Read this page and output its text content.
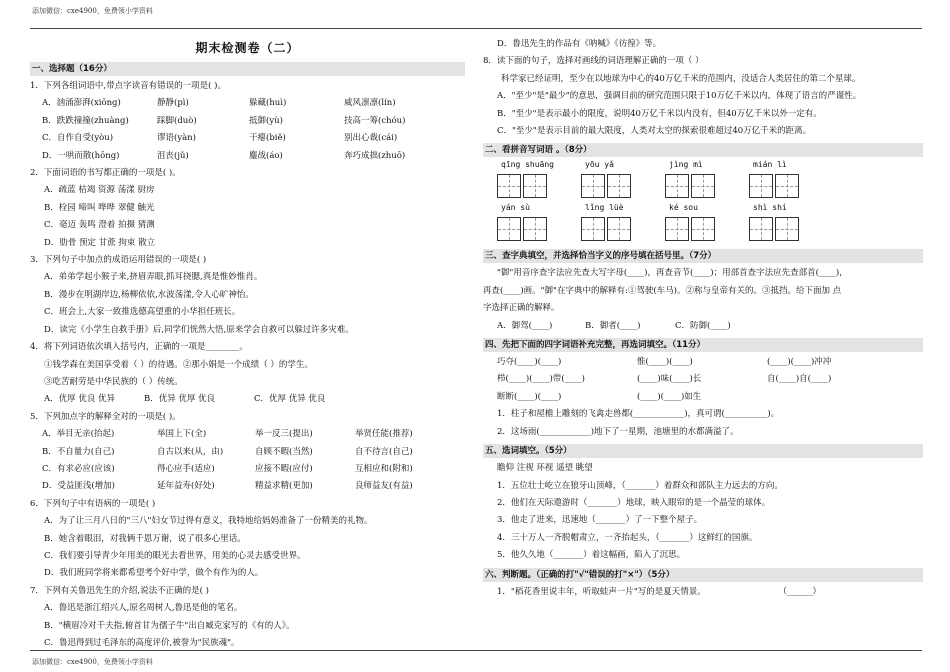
添加微信：cxe4900，免费领小学资料
期末检测卷（二）
一、选择题（16分）
1．下列各组词语中,带点字读音有错误的一项是( )。
A．汹涌澎湃(xiōng)	静静(pì)	躲藏(huì)	威风凛凛(lín)
B．跌跌撞撞(zhuàng)	踩脚(duò)	抵御(yù)	技高一筹(chóu)
C．自作自受(yòu)	谬语(yàn)	干瘪(biě)	别出心裁(cái)
D．一哄而散(hōng)	沮丧(jǔ)	鏖战(áo)	奔巧成拙(zhuō)
2．下面词语的书写都正确的一项是( )。
A．疏蓝 枯竭 资源 荡漾 厨房
B．栓园 啼叫 哗哗 翠健 触光
C．毫迈 轰鸣 澄着 拍摄 猜测
D．肋骨 预定 甘蔗 拘束 散立
3．下列句子中加点的成语运用错误的一项是( )
A．弟弟学起小猴子来,挤眉弄眼,抓耳挠腮,真是惟妙惟肖。
B．漫步在明湖岸边,杨柳依依,水波荡漾,令人心旷神怡。
C．班会上,大家一致推选德高望重的小华担任班长。
D．读完《小学生自救手册》后,同学们恍然大悟,原来学会自救可以躲过许多灾难。
4．将下列词语依次填入括号内，正确的一项是________。
①钱学森在美国享受着（ ）的待遇。②那小娟是一个成绩（ ）的学生。
③吃苦耐劳是中华民族的（ ）传统。
A．优厚 优良 优异	B．优异 优厚 优良	C．优厚 优异 优良
5．下列加点字的解释全对的一项是( )。
A．举目无亲(抬起)	举国上下(全)	举一反三(提出)	举贤任能(推荐)
B．不自量力(自己)	自古以来(从，由)	自顾不暇(当然)	自不待言(自己)
C．有求必应(应该)	得心应手(适应)	应接不暇(应付)	互相应和(附和)
D．受益匪浅(增加)	延年益寿(好处)	精益求精(更加)	良师益友(有益)
6．下列句子中有语病的一项是( )
A．为了让三月八日的"三八"妇女节过得有意义，我特地给妈妈准备了一份精美的礼物。
B．她含着眼泪，对我俩千恩万谢，说了很多心里话。
C．我们要引导青少年用美的眼光去看世界，用美的心灵去感受世界。
D．我们班同学将来都希望考个好中学，做个有作为的人。
7．下列有关鲁迅先生的介绍,说法不正确的是( )
A．鲁迅是浙江绍兴人,原名周树人,鲁迅是他的笔名。
B．"横眉冷对千夫指,俯首甘为孺子牛"出自臧克家写的《有的人》。
C．鲁迅得到过毛泽东的高度评价,被誉为"民族魂"。
D．鲁迅先生的作品有《呐喊》《彷徨》等。
8．读下面的句子，选择对画线的词语理解正确的一项（ ）
科学家已经证明，至少在以地球为中心的40万亿千米的范围内，没适合人类居住的第二个星球。
A．"至少"是"最少"的意思，强调目前的研究范围只限于10万亿千米以内，体现了语言的严谨性。
B．"至少"是表示最小的限度，说明40万亿千米以内没有，但40万亿千米以外一定有。
C．"至少"是表示目前的最大限度，人类对太空的探索很难超过40万亿千米的距离。
二、看拼音写词语 。（8分）
qīng shuāng	yōu yǎ	jìng mì	mián lì
yán sù	lǐng lüè	ké sou	shì shí
三、查字典填空，并选择恰当字义的序号填在括号里。（7分）
"御"用音序查字法应先查大写字母(____)，再查音节(____)；用部首查字法应先查部首(____)，
再查(____)画。"御"在字典中的解释有:①驾驶(车马)。②称与皇帝有关的。③抵挡。给下面加 点
字选择正确的解释。
A．御驾(____)	B．御者(____)	C．防御(____)
四、先把下面的四字词语补充完整，再选词填空。（11分）
巧夺(____)(____)	惟(____)(____)	(____)(____)冲冲
栉(____)(____)带(____)	(____)味(____)长	自(____)自(____)
断断(____)(____)	(____)(____)如生
1．柱子和屋檐上雕刻的飞禽走兽都(____________)，真可谓(__________)。
2．这场雨(____________)地下了一星期，池塘里的水都满溢了。
五、选词填空。（5分）
瞻仰 注视 环视 遥望 眺望
1．五位壮士屹立在狼牙山顶峰，（_______）着群众和部队主力远去的方向。
2．他们在天际遨游时（_______）地球，映入眼帘的是一个晶莹的球体。
3．他走了进来，迅速地（_______）了一下整个屋子。
4．三十万人一齐脱帽肃立，一齐抬起头，（_______）这鲜红的国旗。
5．他久久地（_______）着这幅画，陷入了沉思。
六、判断题。（正确的打"√"错误的打"×"）（5分）
1．"稻花香里说丰年，听取蛙声一片"写的是夏天情景。	（______）
添加微信：cxe4900，免费领小学资料
